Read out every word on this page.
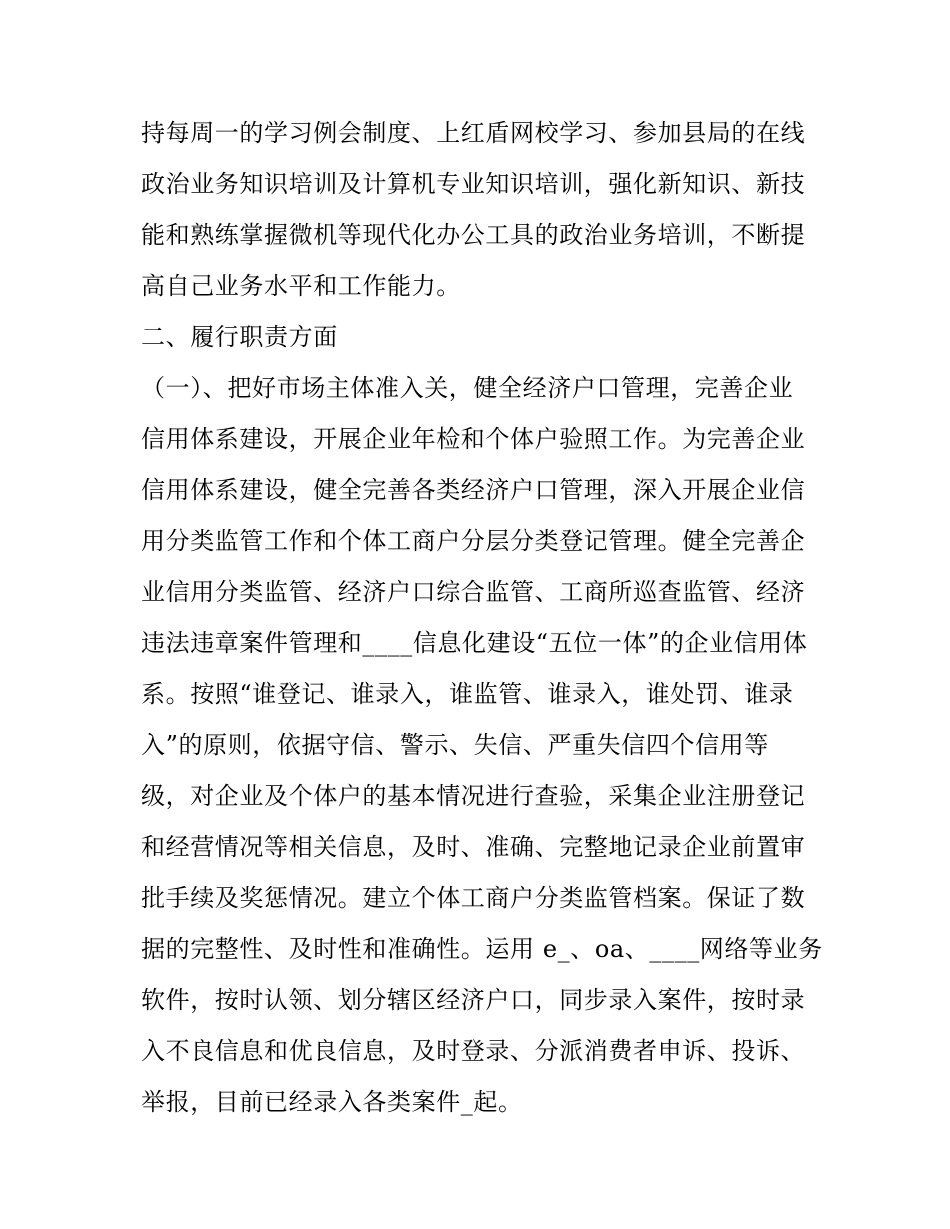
持每周一的学习例会制度、上红盾网校学习、参加县局的在线
政治业务知识培训及计算机专业知识培训，强化新知识、新技
能和熟练掌握微机等现代化办公工具的政治业务培训，不断提
高自己业务水平和工作能力。
二、履行职责方面
（一）、把好市场主体准入关，健全经济户口管理，完善企业
信用体系建设，开展企业年检和个体户验照工作。为完善企业
信用体系建设，健全完善各类经济户口管理，深入开展企业信
用分类监管工作和个体工商户分层分类登记管理。健全完善企
业信用分类监管、经济户口综合监管、工商所巡查监管、经济
违法违章案件管理和____信息化建设“五位一体”的企业信用体
系。按照“谁登记、谁录入，谁监管、谁录入，谁处罚、谁录
入”的原则，依据守信、警示、失信、严重失信四个信用等
级，对企业及个体户的基本情况进行查验，采集企业注册登记
和经营情况等相关信息，及时、准确、完整地记录企业前置审
批手续及奖惩情况。建立个体工商户分类监管档案。保证了数
据的完整性、及时性和准确性。运用 e_、oa、____网络等业务
软件，按时认领、划分辖区经济户口，同步录入案件，按时录
入不良信息和优良信息，及时登录、分派消费者申诉、投诉、
举报，目前已经录入各类案件_起。
